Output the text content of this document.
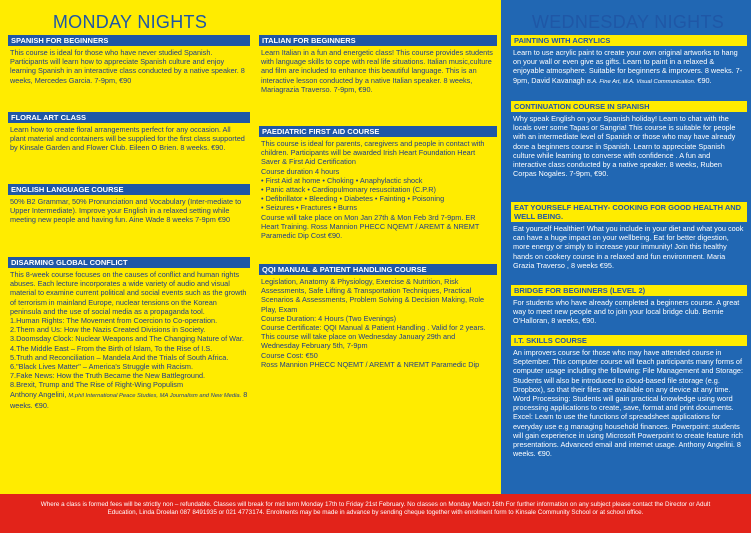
MONDAY NIGHTS	WEDNESDAY NIGHTS
SPANISH FOR BEGINNERS
This course is ideal for those who have never studied Spanish. Participants will learn how to appreciate Spanish culture and enjoy learning Spanish in an interactive class conducted by a native speaker. 8 weeks, Mercedes Garcia. 7-9pm, €90
FLORAL ART CLASS
Learn how to create floral arrangements perfect for any occasion. All plant material and containers will be supplied for the first class supported by Kinsale Garden and Flower Club. Eileen O Brien. 8 weeks. €90.
ENGLISH LANGUAGE COURSE
50% B2 Grammar, 50% Pronunciation and Vocabulary (Inter-mediate to Upper Intermediate). Improve your English in a relaxed setting while meeting new people and having fun. Aine Wade 8 weeks 7-9pm €90
DISARMING GLOBAL CONFLICT
This 8-week course focuses on the causes of conflict and human rights abuses. Each lecture incorporates a wide variety of audio and visual material to examine current political and social events such as the growth of terrorism in mainland Europe, nuclear tensions on the Korean peninsula and the use of social media as a propaganda tool.
1.Human Rights: The Movement from Coercion to Co-operation.
2.Them and Us: How the Nazis Created Divisions in Society.
3.Doomsday Clock: Nuclear Weapons and The Changing Nature of War.
4.The Middle East – From the Birth of Islam, To the Rise of I.S.
5.Truth and Reconciliation – Mandela And the Trials of South Africa.
6."Black Lives Matter" – America's Struggle with Racism.
7.Fake News: How the Truth Became the New Battleground.
8.Brexit, Trump and The Rise of Right-Wing Populism
Anthony Angelini, M.phil International Peace Studies, MA Journalism and New Media. 8 weeks. €90.
ITALIAN FOR BEGINNERS
Learn Italian in a fun and energetic class! This course provides students with language skills to cope with real life situations. Italian music,culture and film are included to enhance this beautiful language. This is an interactive lesson conducted by a native Italian speaker. 8 weeks, Mariagrazia Traverso. 7-9pm, €90.
PAEDIATRIC FIRST AID COURSE
This course is ideal for parents, caregivers and people in contact with children. Participants will be awarded Irish Heart Foundation Heart Saver & First Aid Certification
Course duration 4 hours
• First Aid at home • Choking • Anaphylactic shock
• Panic attack • Cardiopulmonary resuscitation (C.P.R)
• Defibrillator • Bleeding • Diabetes • Fainting • Poisoning
• Seizures • Fractures • Burns
Course will take place on Mon Jan 27th & Mon Feb 3rd 7-9pm. ER Heart Training. Ross Mannion PHECC NQEMT / AREMT & NREMT Paramedic Dip Cost €90.
QQI MANUAL & PATIENT HANDLING COURSE
Legislation, Anatomy & Physiology, Exercise & Nutrition, Risk Assessments, Safe Lifting & Transportation Techniques, Practical Scenarios & Assessments, Problem Solving & Decision Making, Role Play, Exam
Course Duration: 4 Hours (Two Evenings)
Course Certificate: QQI Manual & Patient Handling . Valid for 2 years. This course will take place on Wednesday January 29th and Wednesday February 5th, 7-9pm
Course Cost: €50
Ross Mannion PHECC NQEMT / AREMT & NREMT Paramedic Dip
PAINTING WITH ACRYLICS
Learn to use acrylic paint to create your own original artworks to hang on your wall or even give as gifts. Learn to paint in a relaxed & enjoyable atmosphere. Suitable for beginners & improvers. 8 weeks. 7-9pm, David Kavanagh B.A. Fine Art, M.A. Visual Communication. €90.
CONTINUATION COURSE IN SPANISH
Why speak English on your Spanish holiday! Learn to chat with the locals over some Tapas or Sangria! This course is suitable for people with an intermediate level of Spanish or those who may have already done a beginners course in Spanish. Learn to appreciate Spanish culture while learning to converse with confidence . A fun and interactive class conducted by a native speaker. 8 weeks, Ruben Corpas Nogales. 7-9pm, €90.
EAT YOURSELF HEALTHY- COOKING FOR GOOD HEALTH AND WELL BEING.
Eat yourself Healthier! What you include in your diet and what you cook can have a huge impact on your wellbeing. Eat for better digestion, more energy or simply to increase your immunity! Join this healthy hands on cookery course in a relaxed and fun environment. Maria Grazia Traverso , 8 weeks €95.
BRIDGE FOR BEGINNERS (LEVEL 2)
For students who have already completed a beginners course. A great way to meet new people and to join your local bridge club. Bernie O'Halloran, 8 weeks, €90.
I.T. SKILLS COURSE
An improvers course for those who may have attended course in September. This computer course will teach participants many forms of computer usage including the following: File Management and Storage: Students will also be introduced to cloud-based file storage (e.g. Dropbox), so that their files are available on any device at any time. Word Processing: Students will gain practical knowledge using word processing applications to create, save, format and print documents. Excel: Learn to use the functions of spreadsheet applications for everyday use e.g managing household finances. Powerpoint: students will gain experience in using Microsoft Powerpoint to create feature rich presentations. Advanced email and internet usage. Anthony Angelini. 8 weeks. €90.
Where a class is formed fees will be strictly non – refundable. Classes will break for mid term Monday 17th to Friday 21st February. No classes on Monday March 16th For further information on any subject please contact the Director or Adult Education, Linda Droelan 087 8491935 or 021 4773174. Enrolments may be made in advance by sending cheque together with enrolment form to Kinsale Community School or at school office.
